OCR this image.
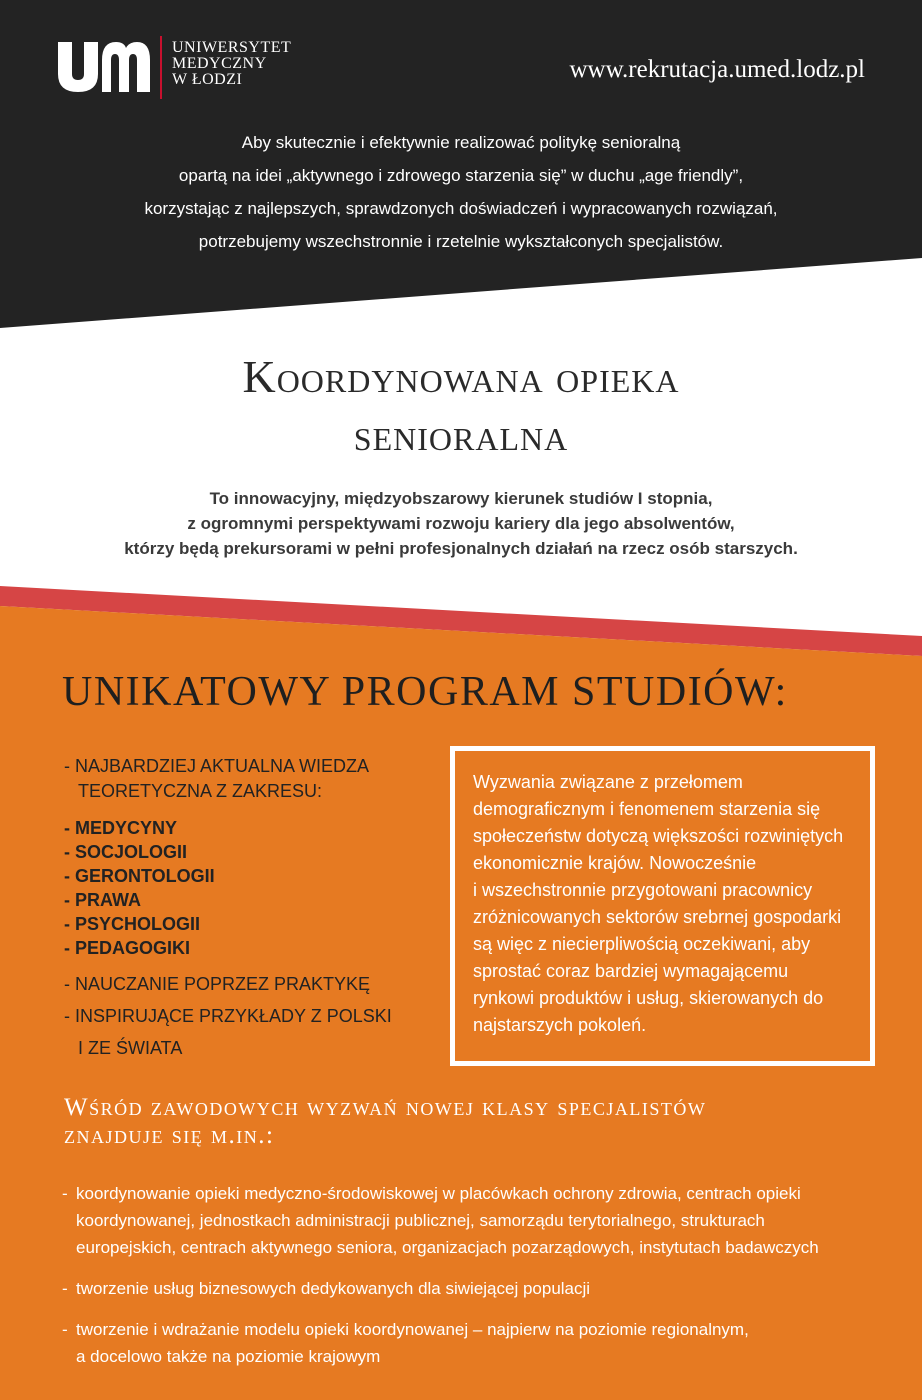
UNIWERSYTET
MEDYCZNY
W ŁODZI	www.rekrutacja.umed.lodz.pl
Aby skutecznie i efektywnie realizować politykę senioralną
opartą na idei „aktywnego i zdrowego starzenia się” w duchu „age friendly”,
korzystając z najlepszych, sprawdzonych doświadczeń i wypracowanych rozwiązań,
potrzebujemy wszechstronnie i rzetelnie wykształconych specjalistów.
Koordynowana opieka
senioralna
To innowacyjny, międzyobszarowy kierunek studiów I stopnia,
z ogromnymi perspektywami rozwoju kariery dla jego absolwentów,
którzy będą prekursorami w pełni profesjonalnych działań na rzecz osób starszych.
UNIKATOWY PROGRAM STUDIÓW:
- NAJBARDZIEJ AKTUALNA WIEDZA
TEORETYCZNA Z ZAKRESU:
- MEDYCYNY
- SOCJOLOGII
- GERONTOLOGII
- PRAWA
- PSYCHOLOGII
- PEDAGOGIKI
- NAUCZANIE POPRZEZ PRAKTYKĘ
- INSPIRUJĄCE PRZYKŁADY Z POLSKI
I ZE ŚWIATA
Wyzwania związane z przełomem
demograficznym i fenomenem starzenia się
społeczeństw dotyczą większości rozwiniętych
ekonomicznie krajów. Nowocześnie
i wszechstronnie przygotowani pracownicy
zróżnicowanych sektorów srebrnej gospodarki
są więc z niecierpliwością oczekiwani, aby
sprostać coraz bardziej wymagającemu
rynkowi produktów i usług, skierowanych do
najstarszych pokoleń.
Wśród zawodowych wyzwań nowej klasy specjalistów
znajduje się m.in.:
- koordynowanie opieki medyczno-środowiskowej w placówkach ochrony zdrowia, centrach opieki
koordynowanej, jednostkach administracji publicznej, samorządu terytorialnego, strukturach
europejskich, centrach aktywnego seniora, organizacjach pozarządowych, instytutach badawczych
- tworzenie usług biznesowych dedykowanych dla siwiejącej populacji
- tworzenie i wdrażanie modelu opieki koordynowanej – najpierw na poziomie regionalnym,
a docelowo także na poziomie krajowym
